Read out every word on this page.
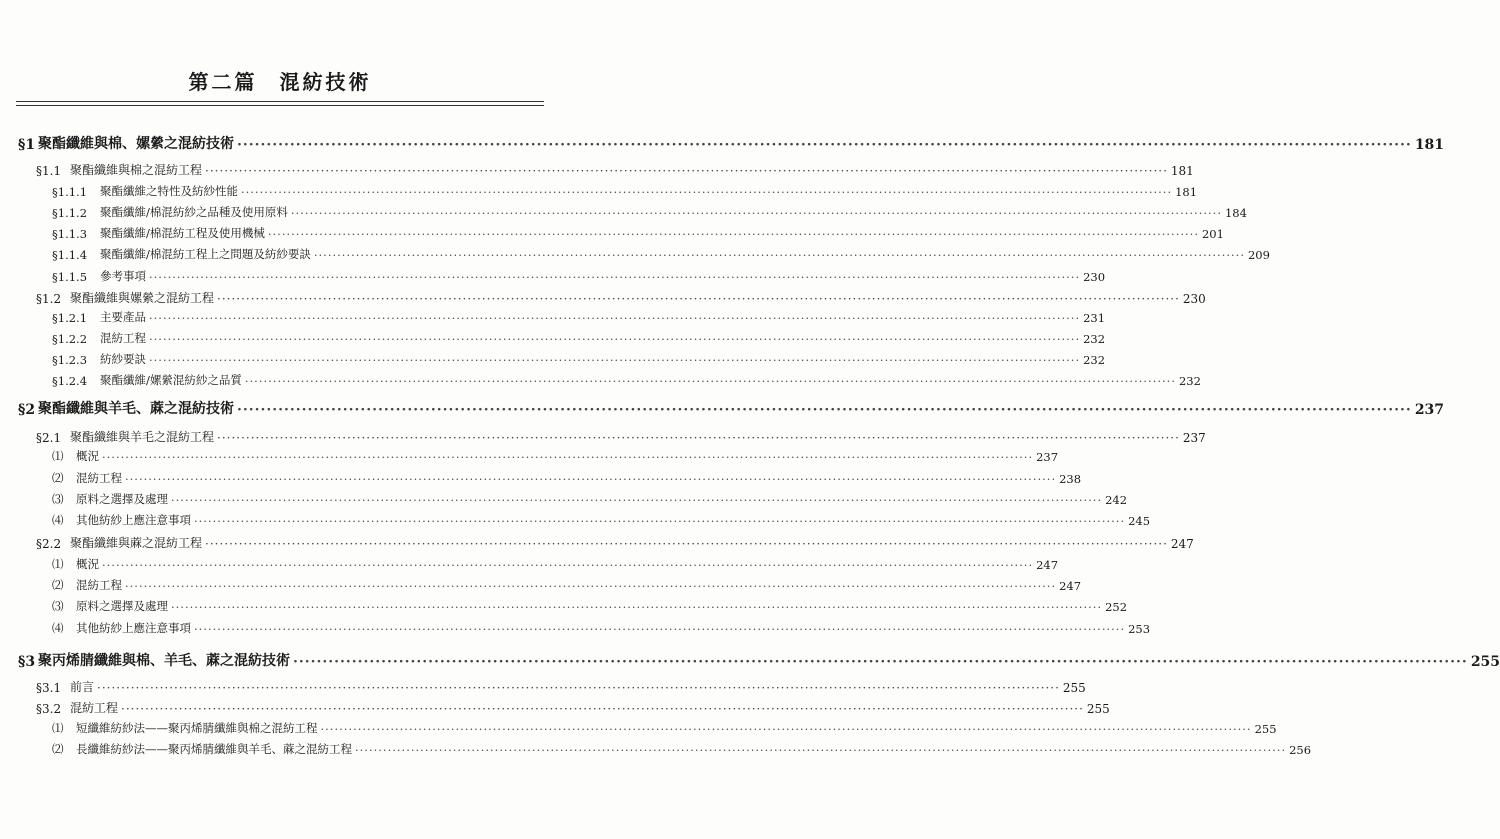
第二篇 混紡技術
§1 聚酯纖維與棉、嫘縈之混紡技術 ········································································································································································································ 181
§1.1 聚酯纖維與棉之混紡工程 ········································································································································································································ 181
§1.1.1	聚酯纖維之特性及紡紗性能 ········································································································································································································ 181
§1.1.2	聚酯纖維/棉混紡紗之品種及使用原料 ········································································································································································································ 184
§1.1.3	聚酯纖維/棉混紡工程及使用機械 ········································································································································································································ 201
§1.1.4	聚酯纖維/棉混紡工程上之問題及紡紗要訣 ········································································································································································································ 209
§1.1.5	參考事項 ········································································································································································································ 230
§1.2 聚酯纖維與嫘縈之混紡工程 ········································································································································································································ 230
§1.2.1	主要產品 ········································································································································································································ 231
§1.2.2	混紡工程 ········································································································································································································ 232
§1.2.3	紡紗要訣 ········································································································································································································ 232
§1.2.4	聚酯纖維/嫘縈混紡紗之品質 ········································································································································································································ 232
§2 聚酯纖維與羊毛、蔴之混紡技術 ········································································································································································································ 237
§2.1 聚酯纖維與羊毛之混紡工程 ········································································································································································································ 237
⑴	概況 ········································································································································································································ 237
⑵	混紡工程 ········································································································································································································ 238
⑶	原料之選擇及處理 ········································································································································································································ 242
⑷	其他紡紗上應注意事項 ········································································································································································································ 245
§2.2 聚酯纖維與蔴之混紡工程 ········································································································································································································ 247
⑴	概況 ········································································································································································································ 247
⑵	混紡工程 ········································································································································································································ 247
⑶	原料之選擇及處理 ········································································································································································································ 252
⑷	其他紡紗上應注意事項 ········································································································································································································ 253
§3 聚丙烯腈纖維與棉、羊毛、蔴之混紡技術 ········································································································································································································ 255
§3.1 前言 ········································································································································································································ 255
§3.2 混紡工程 ········································································································································································································ 255
⑴	短纖維紡紗法——聚丙烯腈纖維與棉之混紡工程 ········································································································································································································ 255
⑵	長纖維紡紗法——聚丙烯腈纖維與羊毛、蔴之混紡工程 ········································································································································································································ 256
